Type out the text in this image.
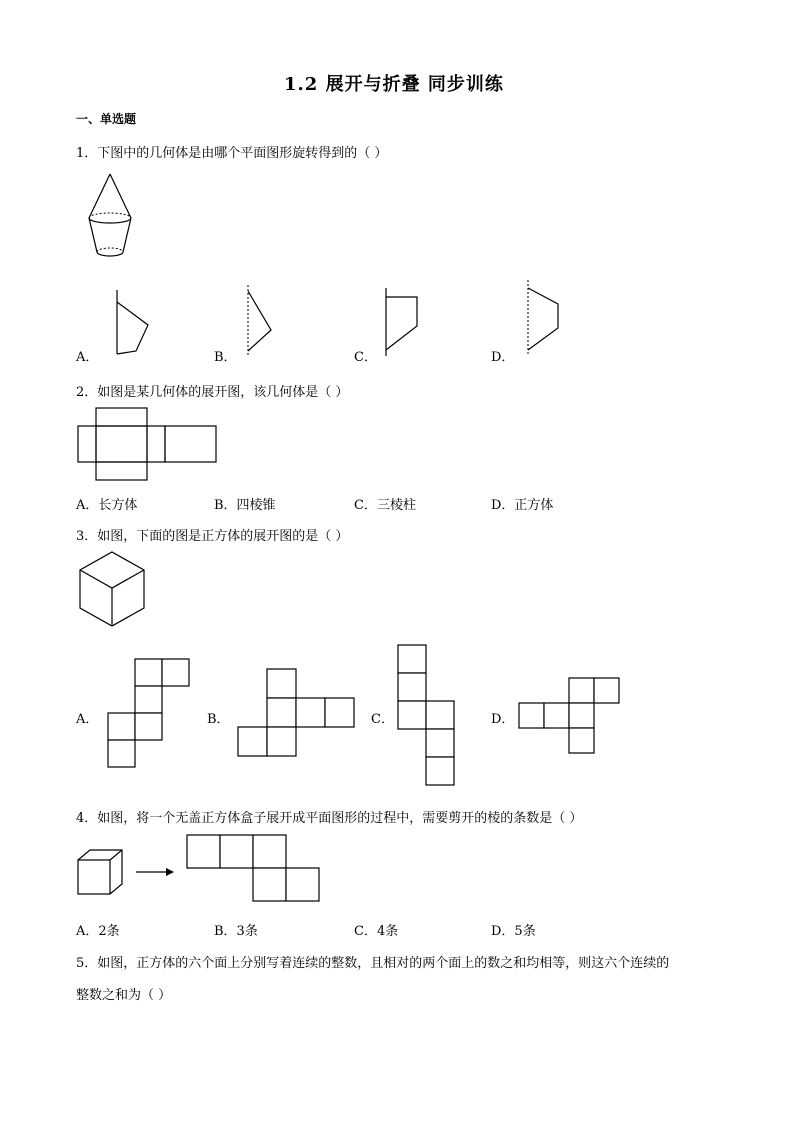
1.2 展开与折叠 同步训练
一、单选题
1．下图中的几何体是由哪个平面图形旋转得到的（ ）
A．	B．	C．	D．
2．如图是某几何体的展开图，该几何体是（ ）
A．长方体	B．四棱锥	C．三棱柱	D．正方体
3．如图，下面的图是正方体的展开图的是（ ）
A．	B．	C．	D．
4．如图，将一个无盖正方体盒子展开成平面图形的过程中，需要剪开的棱的条数是（ ）
A．2条	B．3条	C．4条	D．5条
5．如图，正方体的六个面上分别写着连续的整数，且相对的两个面上的数之和均相等，则这六个连续的
整数之和为（ ）
